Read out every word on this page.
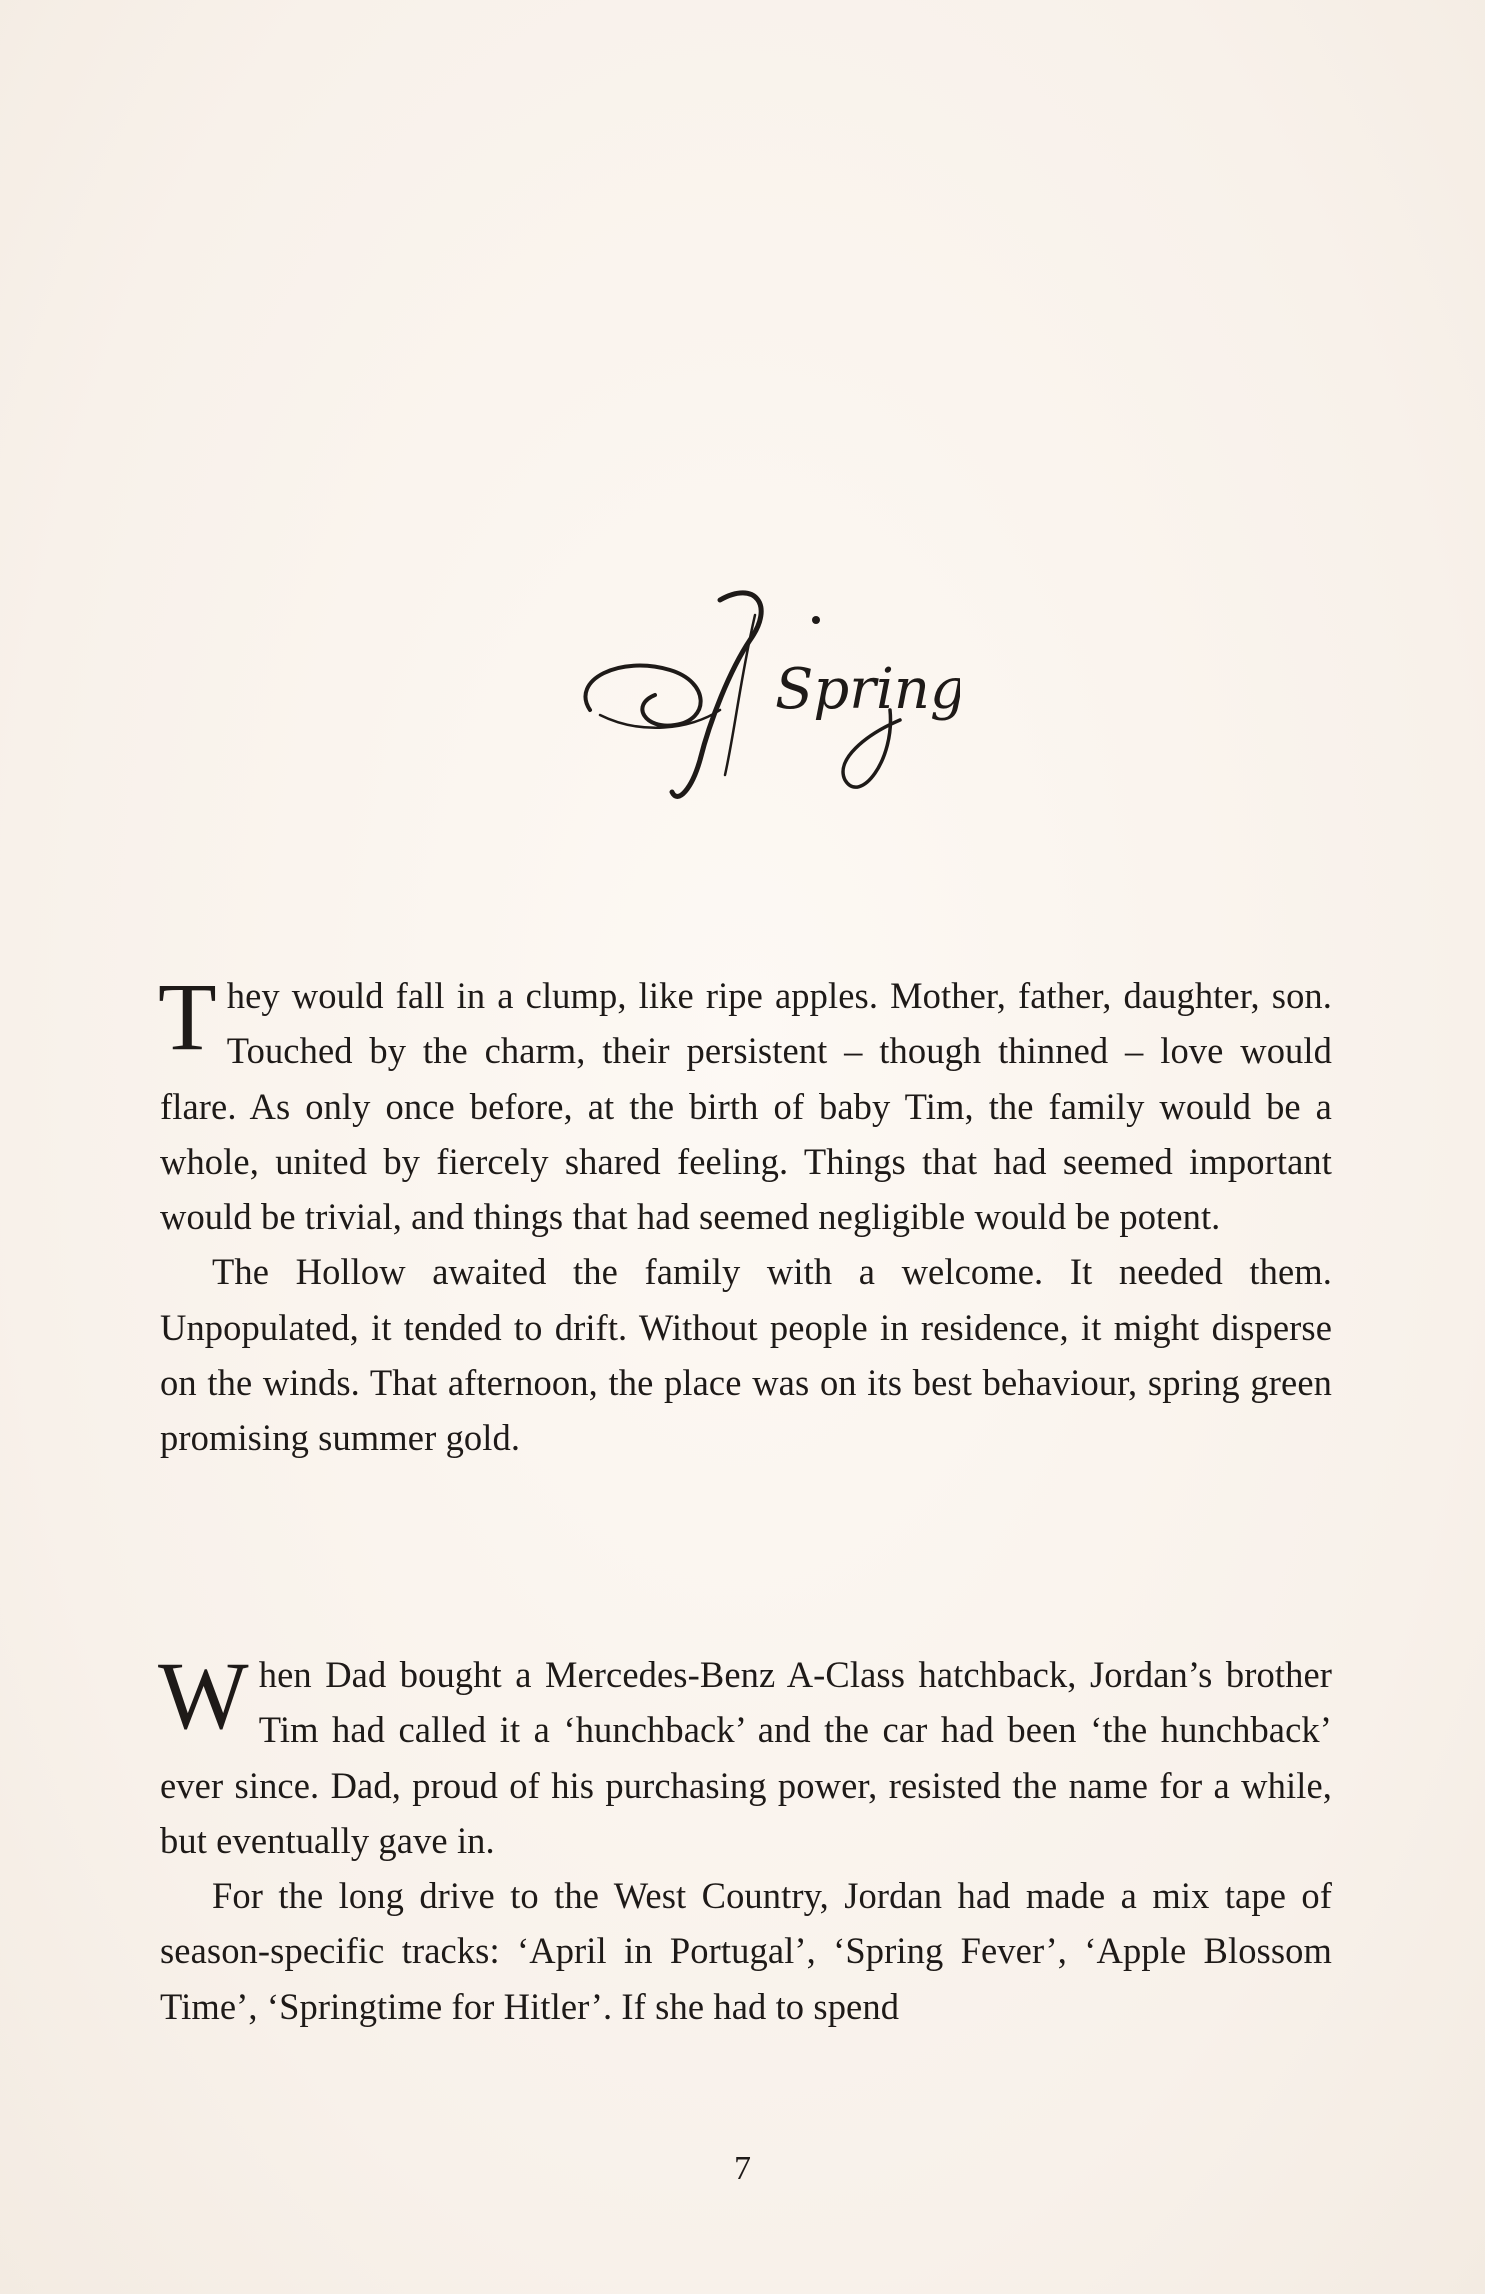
Spring

They would fall in a clump, like ripe apples. Mother, father, daughter, son. Touched by the charm, their persistent – though thinned – love would flare. As only once before, at the birth of baby Tim, the family would be a whole, united by fiercely shared feeling. Things that had seemed important would be trivial, and things that had seemed negligible would be potent.

The Hollow awaited the family with a welcome. It needed them. Unpopulated, it tended to drift. Without people in residence, it might disperse on the winds. That afternoon, the place was on its best behaviour, spring green promising summer gold.

When Dad bought a Mercedes-Benz A-Class hatchback, Jordan’s brother Tim had called it a ‘hunchback’ and the car had been ‘the hunchback’ ever since. Dad, proud of his purchasing power, resisted the name for a while, but eventually gave in.

For the long drive to the West Country, Jordan had made a mix tape of season-specific tracks: ‘April in Portugal’, ‘Spring Fever’, ‘Apple Blossom Time’, ‘Springtime for Hitler’. If she had to spend

7
